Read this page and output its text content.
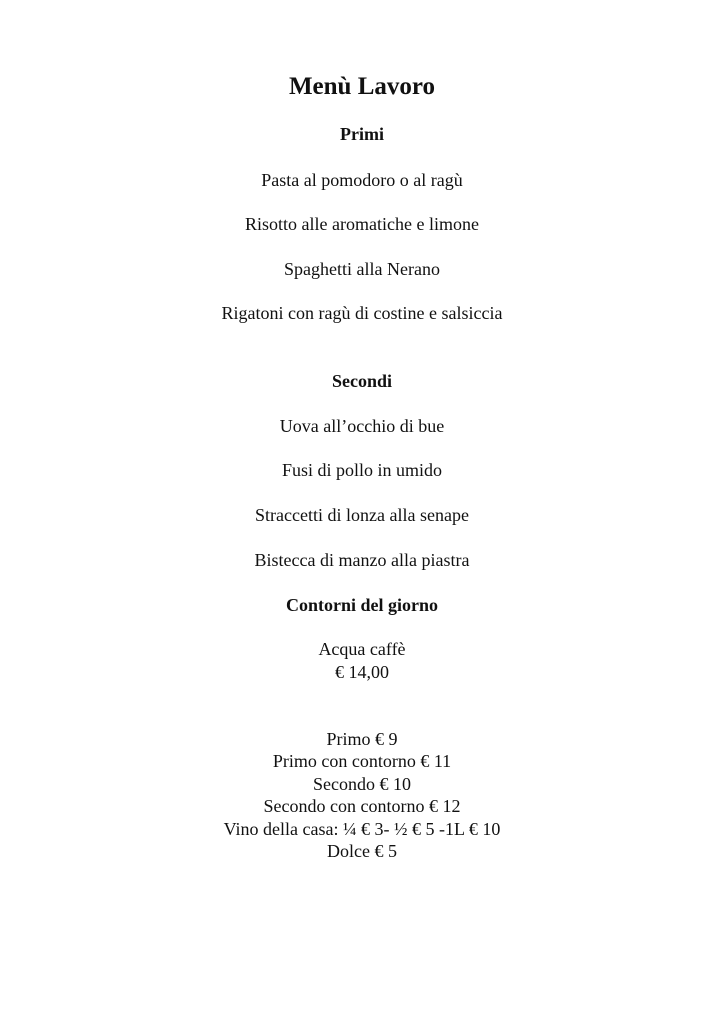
Menù Lavoro
Primi
Pasta al pomodoro o al ragù
Risotto alle aromatiche e limone
Spaghetti alla Nerano
Rigatoni con ragù di costine e salsiccia
Secondi
Uova all’occhio di bue
Fusi di pollo in umido
Straccetti di lonza alla senape
Bistecca di manzo alla piastra
Contorni del giorno
Acqua caffè
€ 14,00
Primo € 9
Primo con contorno € 11
Secondo € 10
Secondo con contorno € 12
Vino della casa: ¼ € 3- ½ € 5 -1L € 10
Dolce € 5
